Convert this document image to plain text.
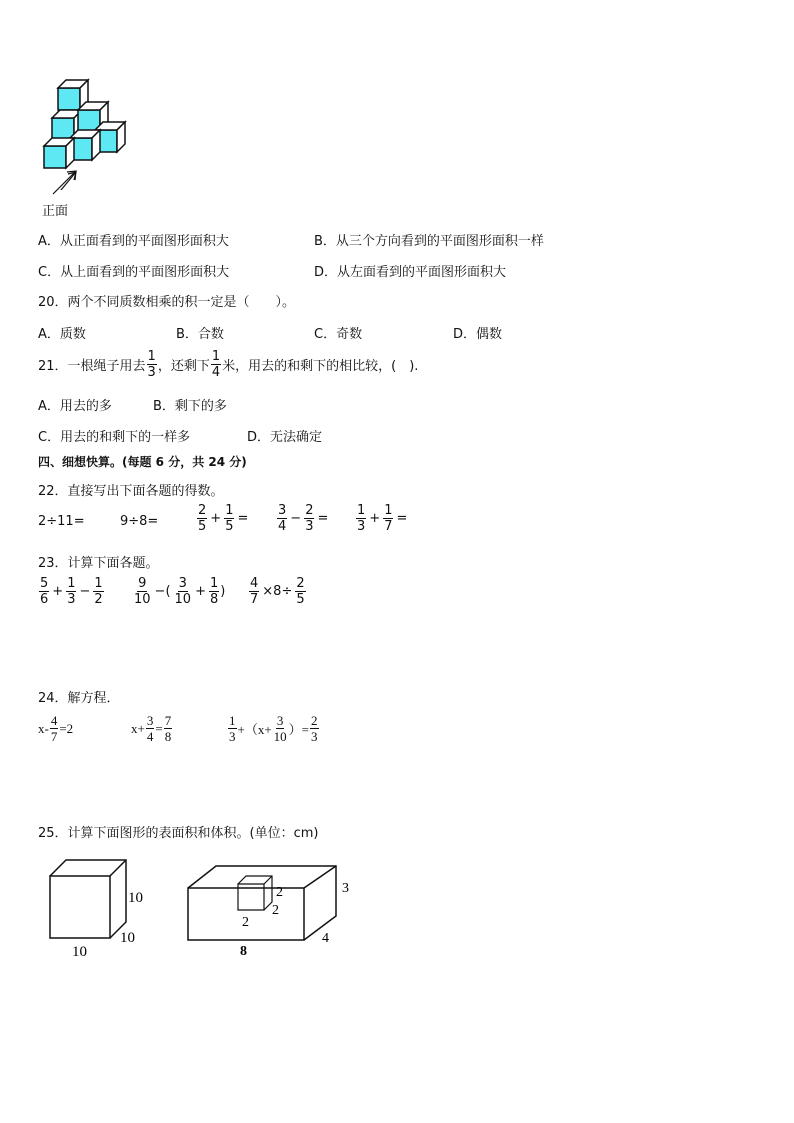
正面
A．从正面看到的平面图形面积大	B．从三个方向看到的平面图形面积一样
C．从上面看到的平面图形面积大	D．从左面看到的平面图形面积大
20．两个不同质数相乘的积一定是（　　）。
A．质数	B．合数	C．奇数	D．偶数
21．一根绳子用去 $\frac{1}{3}$ ，还剩下 $\frac{1}{4}$ 米，用去的和剩下的相比较，(　).
A．用去的多	B．剩下的多
C．用去的和剩下的一样多	D．无法确定
四、细想快算。(每题 6 分，共 24 分)
22．直接写出下面各题的得数。
2÷11=	9÷8=	$\frac{2}{5} + \frac{1}{5} = \frac{3}{4} - \frac{2}{3} = \frac{1}{3} + \frac{1}{7}$ =
23．计算下面各题。
$\frac{5}{6} + \frac{1}{3} - \frac{1}{2} \frac{9}{10}$ −( $\frac{3}{10} + \frac{1}{8}$ ) $\frac{4}{7} \times 8\div \frac{2}{5}$
24．解方程．
$x- \frac{4}{7} =2$	$x+ \frac{3}{4} = \frac{7}{8}$	$\frac{1}{3} +(x+ \frac{3}{10}$ ）= $\frac{2}{3}$
25．计算下面图形的表面积和体积。(单位：cm)
10
10
10
2
2
2	3
4
8
